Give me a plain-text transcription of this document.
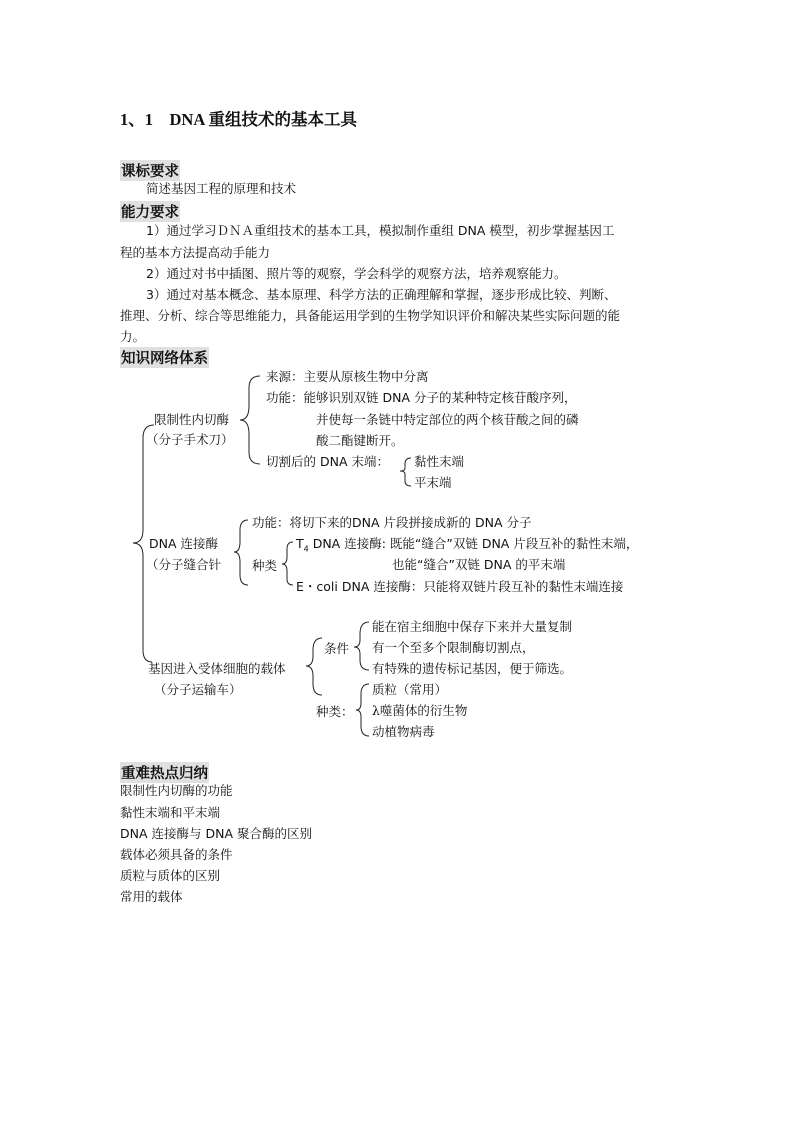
1、1　DNA 重组技术的基本工具
课标要求
简述基因工程的原理和技术
能力要求
1）通过学习ＤＮＡ重组技术的基本工具，模拟制作重组 DNA 模型，初步掌握基因工
程的基本方法提高动手能力
2）通过对书中插图、照片等的观察，学会科学的观察方法，培养观察能力。
3）通过对基本概念、基本原理、科学方法的正确理解和掌握，逐步形成比较、判断、
推理、分析、综合等思维能力，具备能运用学到的生物学知识评价和解决某些实际问题的能
力。
知识网络体系
限制性内切酶
（分子手术刀）
来源：主要从原核生物中分离
功能：能够识别双链 DNA 分子的某种特定核苷酸序列，
并使每一条链中特定部位的两个核苷酸之间的磷
酸二酯键断开。
切割后的 DNA 末端： 黏性末端
平末端
DNA 连接酶
（分子缝合针
功能：将切下来的DNA 片段拼接成新的 DNA 分子
种类
$T_4$ DNA 连接酶: 既能“缝合”双链 DNA 片段互补的黏性末端，
也能“缝合”双链 DNA 的平末端
E・coli DNA 连接酶：只能将双链片段互补的黏性末端连接
基因进入受体细胞的载体
（分子运输车）
条件
能在宿主细胞中保存下来并大量复制
有一个至多个限制酶切割点，
有特殊的遗传标记基因，便于筛选。
种类：
质粒（常用）
λ噬菌体的衍生物
动植物病毒
重难热点归纳
限制性内切酶的功能
黏性末端和平末端
DNA 连接酶与 DNA 聚合酶的区别
载体必须具备的条件
质粒与质体的区别
常用的载体
